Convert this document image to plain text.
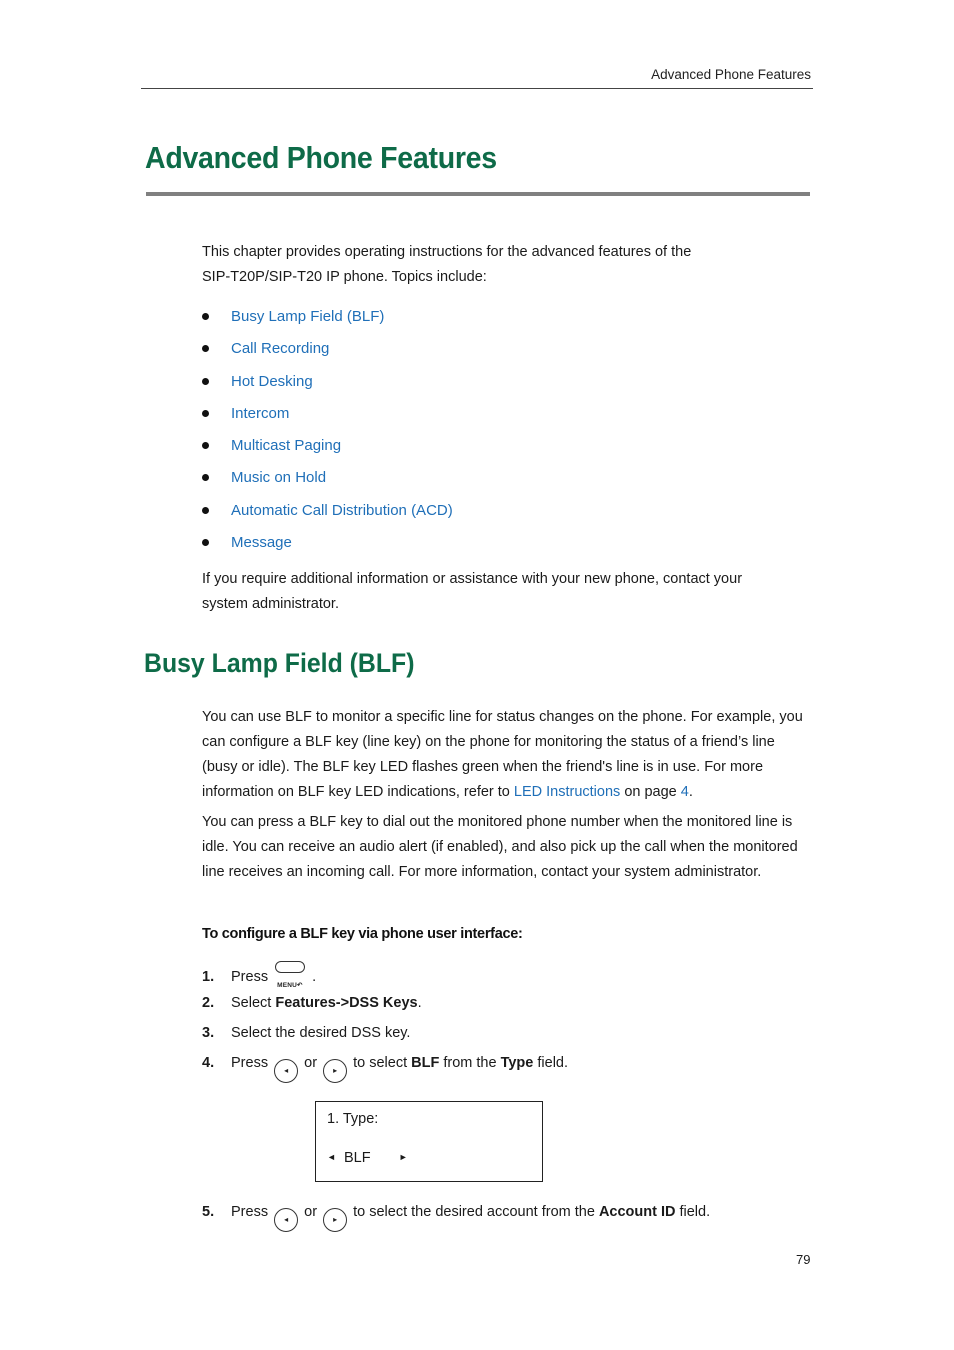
Advanced Phone Features
Advanced Phone Features

This chapter provides operating instructions for the advanced features of the

SIP-T20P/SIP-T20 IP phone. Topics include:

Busy Lamp Field (BLF)
Call Recording
Hot Desking
Intercom
Multicast Paging
Music on Hold
Automatic Call Distribution (ACD)
Message

If you require additional information or assistance with your new phone, contact your

system administrator.

Busy Lamp Field (BLF)

You can use BLF to monitor a specific line for status changes on the phone. For example, you can configure a BLF key (line key) on the phone for monitoring the status of a friend’s line (busy or idle). The BLF key LED flashes green when the friend's line is in use. For more information on BLF key LED indications, refer to LED Instructions on page 4.

You can press a BLF key to dial out the monitored phone number when the monitored line is idle. You can receive an audio alert (if enabled), and also pick up the call when the monitored line receives an incoming call. For more information, contact your system administrator.

To configure a BLF key via phone user interface:
1. Press
MENU↶
.
2. Select Features->DSS Keys.
3. Select the desired DSS key.
4. Press ◂ or ▸ to select BLF from the Type field.
1. Type:
◄ BLF	►
5. Press ◂ or ▸ to select the desired account from the Account ID field.
79
